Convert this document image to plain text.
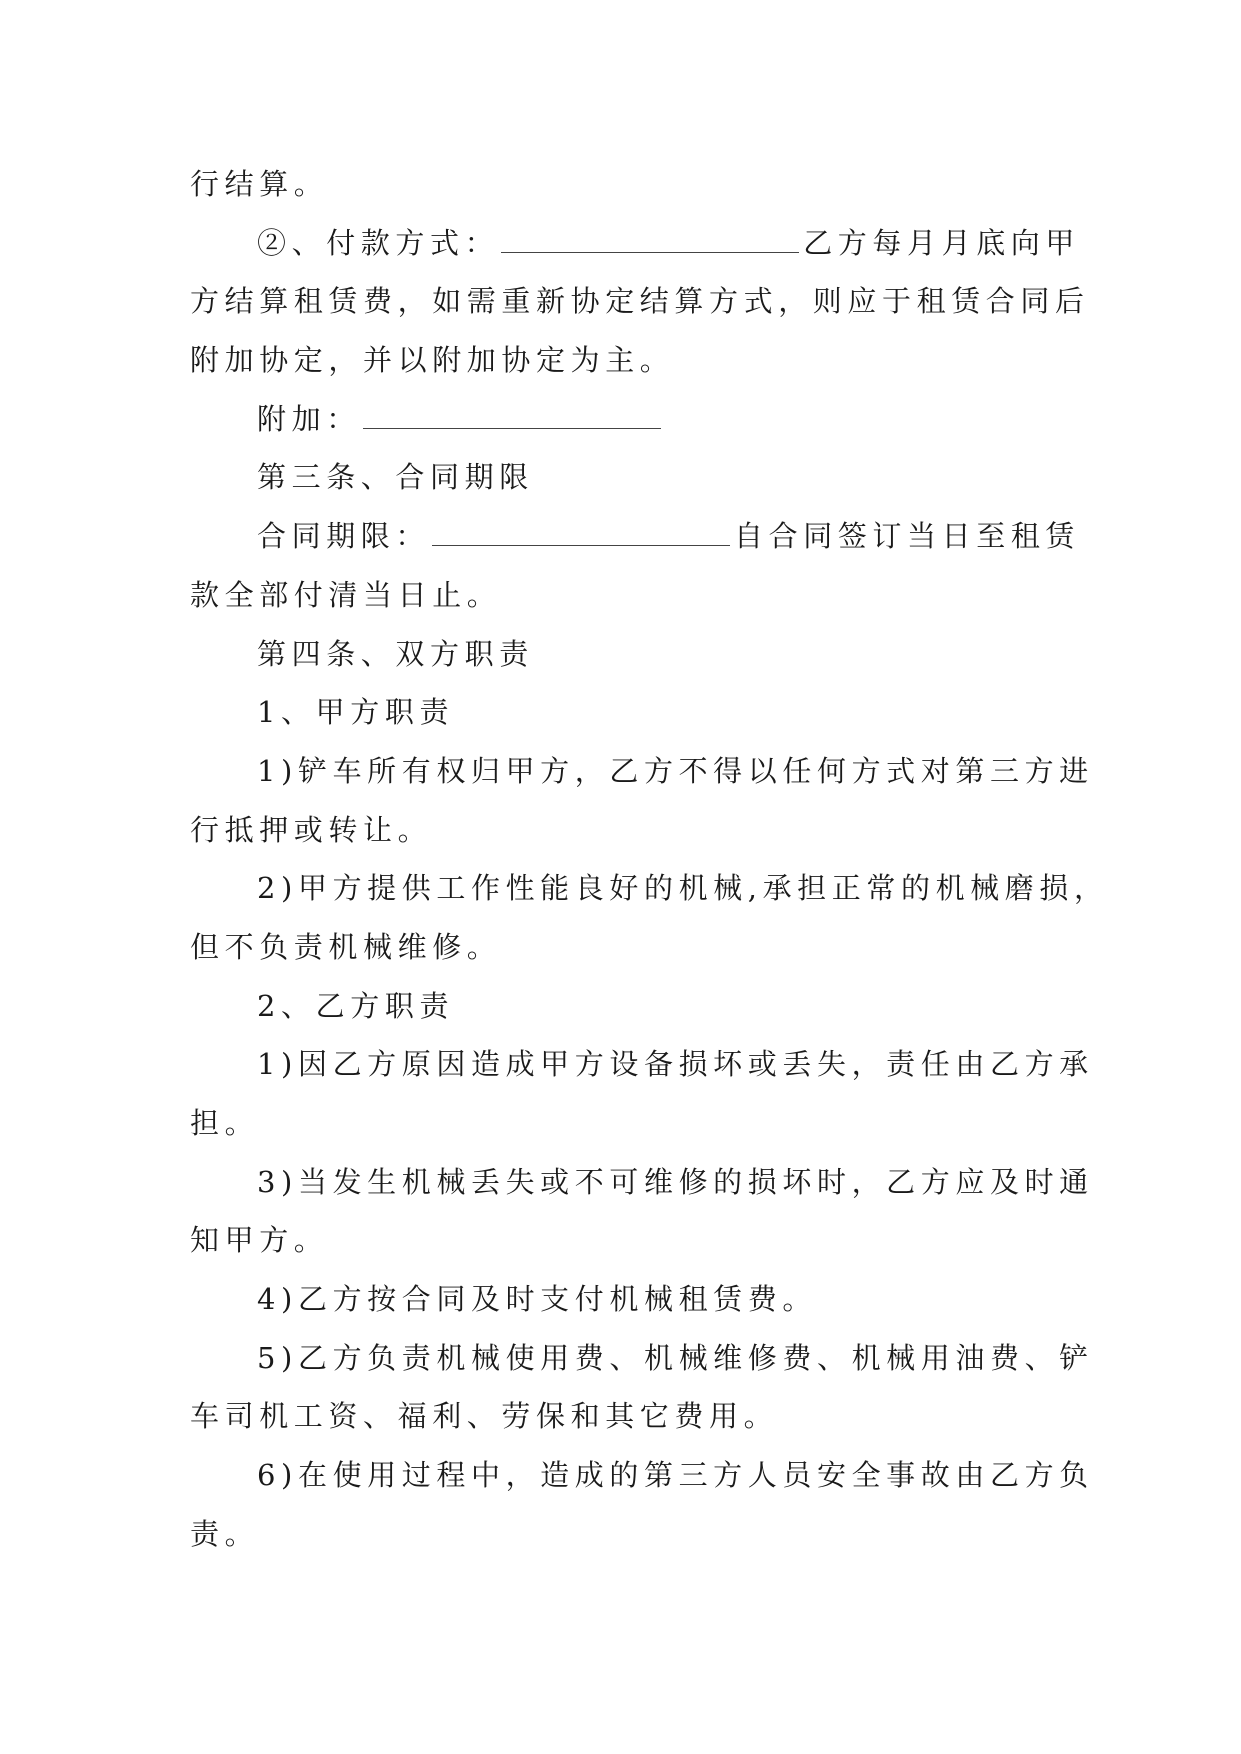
行结算。
②、付款方式：	乙方每月月底向甲
方结算租赁费，如需重新协定结算方式，则应于租赁合同后
附加协定，并以附加协定为主。
附加：
第三条、合同期限
合同期限：	自合同签订当日至租赁
款全部付清当日止。
第四条、双方职责
1、甲方职责
1)铲车所有权归甲方，乙方不得以任何方式对第三方进
行抵押或转让。
2)甲方提供工作性能良好的机械,承担正常的机械磨损，
但不负责机械维修。
2、乙方职责
1)因乙方原因造成甲方设备损坏或丢失，责任由乙方承
担。
3)当发生机械丢失或不可维修的损坏时，乙方应及时通
知甲方。
4)乙方按合同及时支付机械租赁费。
5)乙方负责机械使用费、机械维修费、机械用油费、铲
车司机工资、福利、劳保和其它费用。
6)在使用过程中，造成的第三方人员安全事故由乙方负
责。
